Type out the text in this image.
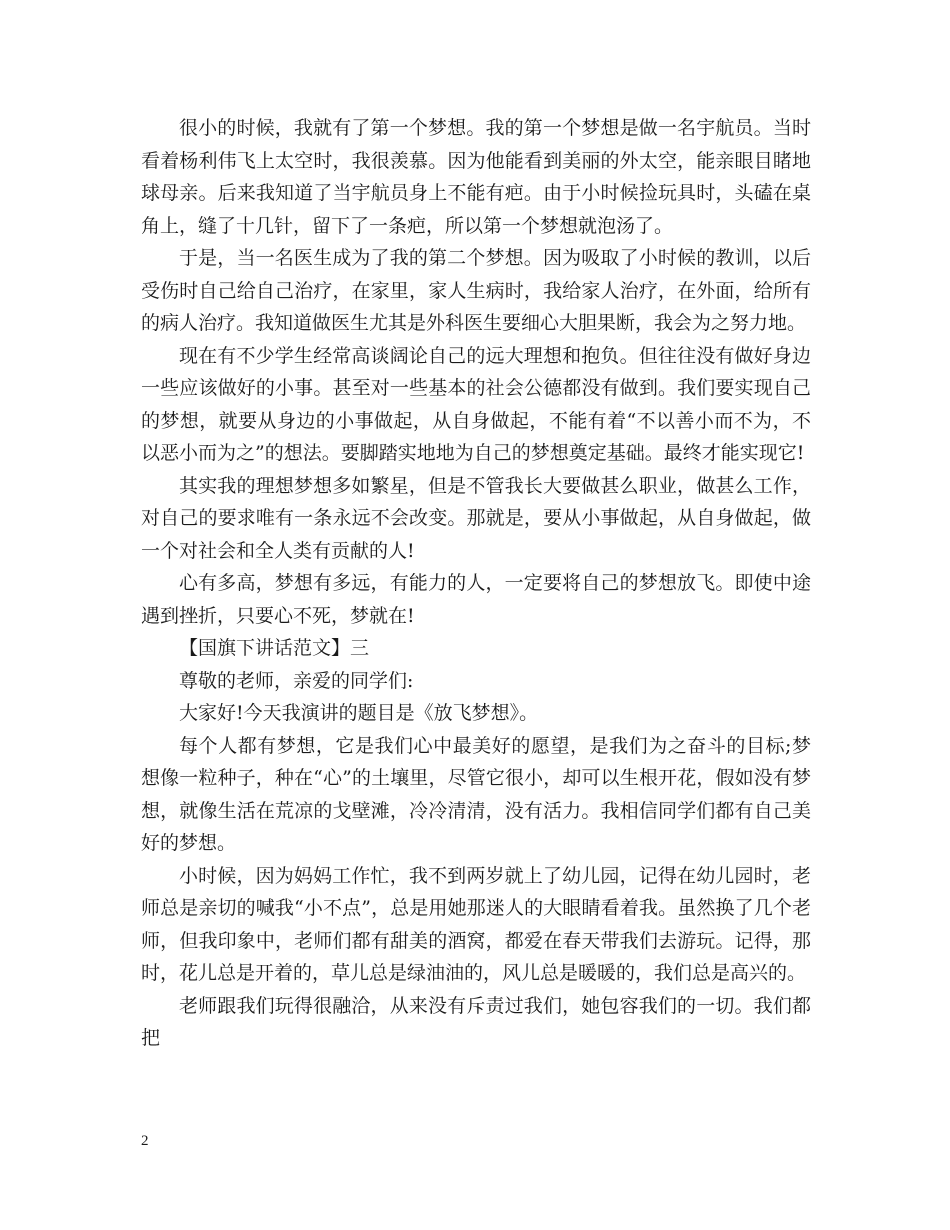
很小的时候，我就有了第一个梦想。我的第一个梦想是做一名宇航员。当时看着杨利伟飞上太空时，我很羡慕。因为他能看到美丽的外太空，能亲眼目睹地球母亲。后来我知道了当宇航员身上不能有疤。由于小时候捡玩具时，头磕在桌角上，缝了十几针，留下了一条疤，所以第一个梦想就泡汤了。

于是，当一名医生成为了我的第二个梦想。因为吸取了小时候的教训，以后受伤时自己给自己治疗，在家里，家人生病时，我给家人治疗，在外面，给所有的病人治疗。我知道做医生尤其是外科医生要细心大胆果断，我会为之努力地。

现在有不少学生经常高谈阔论自己的远大理想和抱负。但往往没有做好身边一些应该做好的小事。甚至对一些基本的社会公德都没有做到。我们要实现自己的梦想，就要从身边的小事做起，从自身做起，不能有着“不以善小而不为，不以恶小而为之”的想法。要脚踏实地地为自己的梦想奠定基础。最终才能实现它!

其实我的理想梦想多如繁星，但是不管我长大要做甚么职业，做甚么工作，对自己的要求唯有一条永远不会改变。那就是，要从小事做起，从自身做起，做一个对社会和全人类有贡献的人!

心有多高，梦想有多远，有能力的人，一定要将自己的梦想放飞。即使中途遇到挫折，只要心不死，梦就在!

【国旗下讲话范文】三

尊敬的老师，亲爱的同学们:

大家好!今天我演讲的题目是《放飞梦想》。

每个人都有梦想，它是我们心中最美好的愿望，是我们为之奋斗的目标;梦想像一粒种子，种在“心”的土壤里，尽管它很小，却可以生根开花，假如没有梦想，就像生活在荒凉的戈壁滩，冷冷清清，没有活力。我相信同学们都有自己美好的梦想。

小时候，因为妈妈工作忙，我不到两岁就上了幼儿园，记得在幼儿园时，老师总是亲切的喊我“小不点”，总是用她那迷人的大眼睛看着我。虽然换了几个老师，但我印象中，老师们都有甜美的酒窝，都爱在春天带我们去游玩。记得，那时，花儿总是开着的，草儿总是绿油油的，风儿总是暖暖的，我们总是高兴的。

老师跟我们玩得很融洽，从来没有斥责过我们，她包容我们的一切。我们都把

2
